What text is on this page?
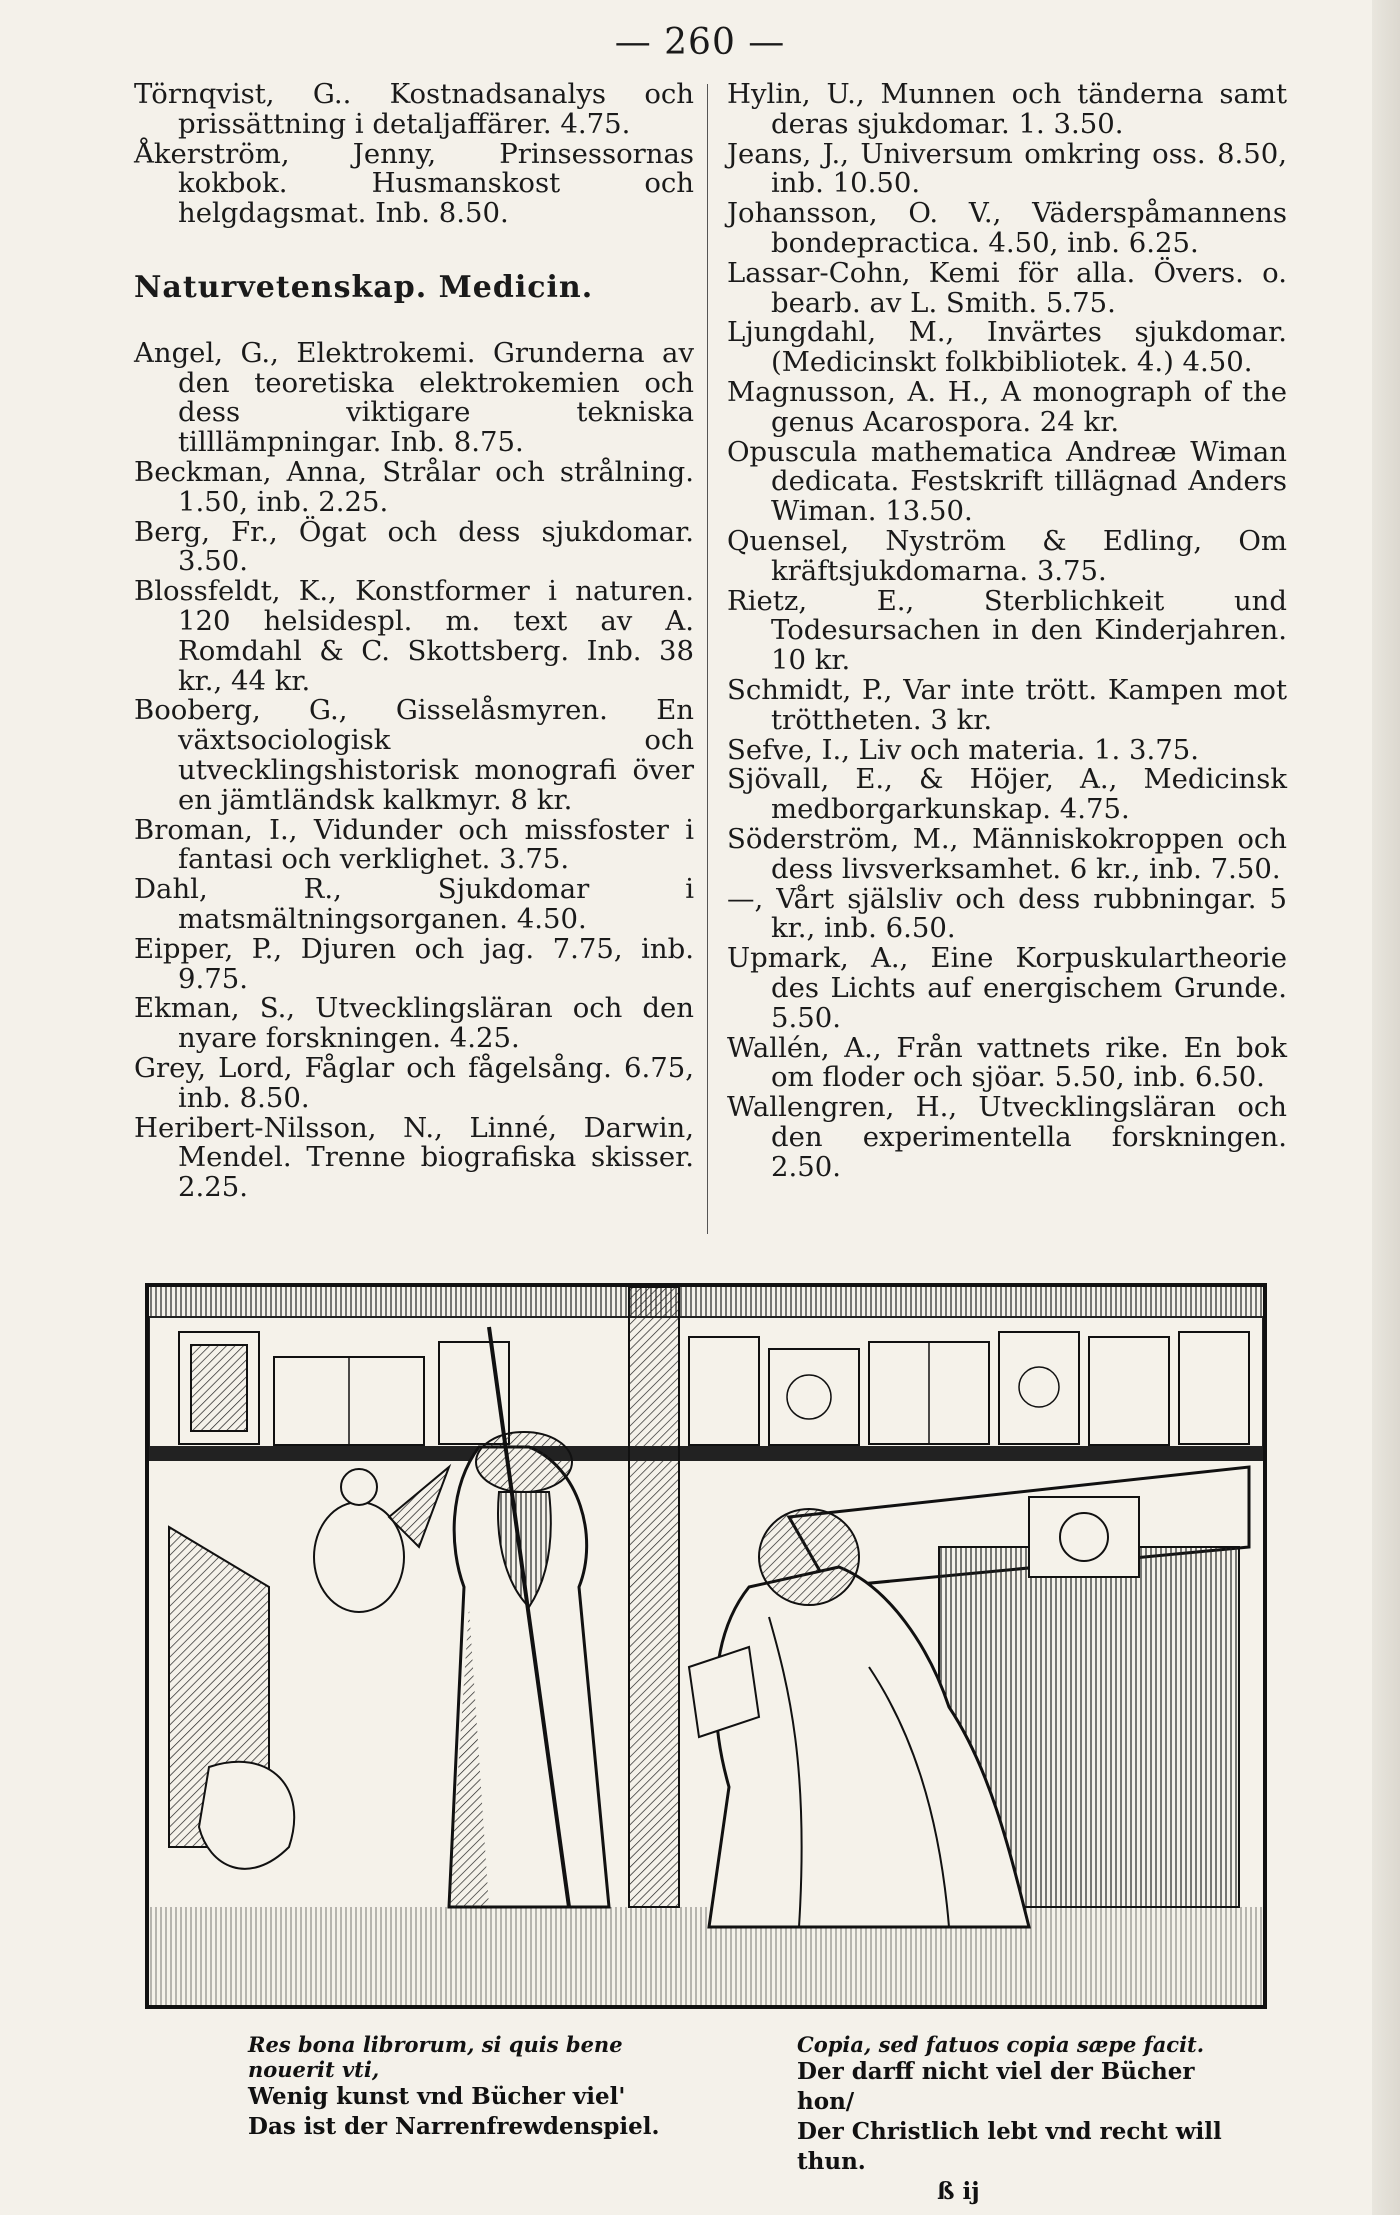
— 260 —

Törnqvist, G.. Kostnadsanalys och prissättning i detaljaffärer. 4.75.

Åkerström, Jenny, Prinsessornas kokbok. Husmanskost och helgdagsmat. Inb. 8.50.

Naturvetenskap. Medicin.

Angel, G., Elektrokemi. Grunderna av den teoretiska elektrokemien och dess viktigare tekniska tilllämpningar. Inb. 8.75.

Beckman, Anna, Strålar och strålning. 1.50, inb. 2.25.

Berg, Fr., Ögat och dess sjukdomar. 3.50.

Blossfeldt, K., Konstformer i naturen. 120 helsidespl. m. text av A. Romdahl & C. Skottsberg. Inb. 38 kr., 44 kr.

Booberg, G., Gisselåsmyren. En växtsociologisk och utvecklingshistorisk monografi över en jämtländsk kalkmyr. 8 kr.

Broman, I., Vidunder och missfoster i fantasi och verklighet. 3.75.

Dahl, R., Sjukdomar i matsmältningsorganen. 4.50.

Eipper, P., Djuren och jag. 7.75, inb. 9.75.

Ekman, S., Utvecklingsläran och den nyare forskningen. 4.25.

Grey, Lord, Fåglar och fågelsång. 6.75, inb. 8.50.

Heribert-Nilsson, N., Linné, Darwin, Mendel. Trenne biografiska skisser. 2.25.

Hylin, U., Munnen och tänderna samt deras sjukdomar. 1. 3.50.

Jeans, J., Universum omkring oss. 8.50, inb. 10.50.

Johansson, O. V., Väderspåmannens bondepractica. 4.50, inb. 6.25.

Lassar-Cohn, Kemi för alla. Övers. o. bearb. av L. Smith. 5.75.

Ljungdahl, M., Invärtes sjukdomar. (Medicinskt folkbibliotek. 4.) 4.50.

Magnusson, A. H., A monograph of the genus Acarospora. 24 kr.

Opuscula mathematica Andreæ Wiman dedicata. Festskrift tillägnad Anders Wiman. 13.50.

Quensel, Nyström & Edling, Om kräftsjukdomarna. 3.75.

Rietz, E., Sterblichkeit und Todesursachen in den Kinderjahren. 10 kr.

Schmidt, P., Var inte trött. Kampen mot tröttheten. 3 kr.

Sefve, I., Liv och materia. 1. 3.75.

Sjövall, E., & Höjer, A., Medicinsk medborgarkunskap. 4.75.

Söderström, M., Människokroppen och dess livsverksamhet. 6 kr., inb. 7.50.

—, Vårt själsliv och dess rubbningar. 5 kr., inb. 6.50.

Upmark, A., Eine Korpuskulartheorie des Lichts auf energischem Grunde. 5.50.

Wallén, A., Från vattnets rike. En bok om floder och sjöar. 5.50, inb. 6.50.

Wallengren, H., Utvecklingsläran och den experimentella forskningen. 2.50.

Res bona librorum, si quis bene nouerit vti,
Wenig kunst vnd Bücher viel'
Das ist der Narrenfrewdenspiel.
Copia, sed fatuos copia sæpe facit.
Der darff nicht viel der Bücher hon/
Der Christlich lebt vnd recht will thun.
ß ij
